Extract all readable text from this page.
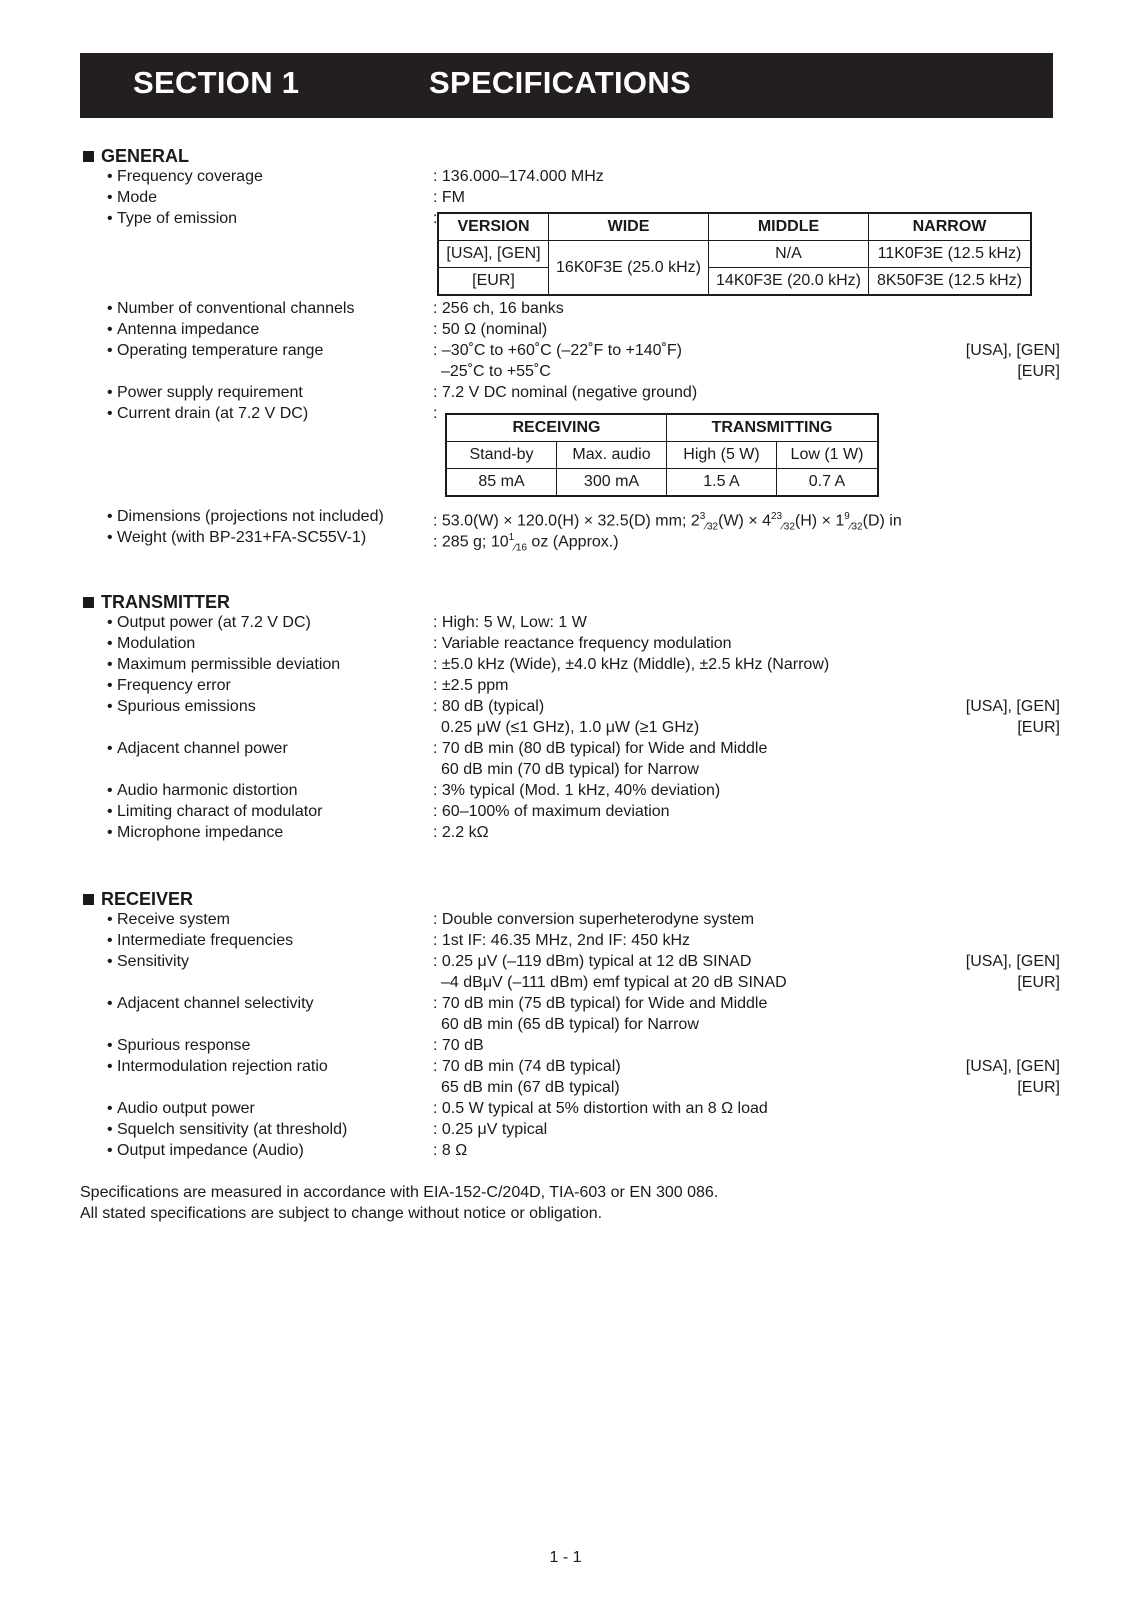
SECTION 1	SPECIFICATIONS
GENERAL
• Frequency coverage	: 136.000–174.000 MHz
• Mode	: FM
• Type of emission	: VERSION	WIDE	MIDDLE	NARROW
[USA], [GEN]	16K0F3E (25.0 kHz)	N/A	11K0F3E (12.5 kHz)
[EUR]		14K0F3E (20.0 kHz)	8K50F3E (12.5 kHz)
• Number of conventional channels	: 256 ch, 16 banks
• Antenna impedance	: 50 Ω (nominal)
• Operating temperature range	: –30˚C to +60˚C (–22˚F to +140˚F)	[USA], [GEN]
–25˚C to +55˚C	[EUR]
• Power supply requirement	: 7.2 V DC nominal (negative ground)
• Current drain (at 7.2 V DC)	:
RECEIVING		TRANSMITTING	
Stand-by	Max. audio	High (5 W)	Low (1 W)
85 mA	300 mA	1.5 A	0.7 A
• Dimensions (projections not included)	: 53.0(W) × 120.0(H) × 32.5(D) mm; $2^3_{⁄32}(W) \times 4^{23}_{⁄32}(H) \times 1^9_{⁄32}(D)$ in
• Weight (with BP-231+FA-SC55V-1)	: 285 g; $10^1_{⁄16}$ oz (Approx.)
TRANSMITTER
• Output power (at 7.2 V DC)	: High: 5 W, Low: 1 W
• Modulation	: Variable reactance frequency modulation
• Maximum permissible deviation	: ±5.0 kHz (Wide), ±4.0 kHz (Middle), ±2.5 kHz (Narrow)
• Frequency error	: ±2.5 ppm
• Spurious emissions	: 80 dB (typical)	[USA], [GEN]
0.25 μW (≤1 GHz), 1.0 μW (≥1 GHz)	[EUR]
• Adjacent channel power	: 70 dB min (80 dB typical) for Wide and Middle
60 dB min (70 dB typical) for Narrow
• Audio harmonic distortion	: 3% typical (Mod. 1 kHz, 40% deviation)
• Limiting charact of modulator	: 60–100% of maximum deviation
• Microphone impedance	: 2.2 kΩ
RECEIVER
• Receive system	: Double conversion superheterodyne system
• Intermediate frequencies	: 1st IF: 46.35 MHz, 2nd IF: 450 kHz
• Sensitivity	: 0.25 μV (–119 dBm) typical at 12 dB SINAD	[USA], [GEN]
–4 dBμV (–111 dBm) emf typical at 20 dB SINAD	[EUR]
• Adjacent channel selectivity	: 70 dB min (75 dB typical) for Wide and Middle
60 dB min (65 dB typical) for Narrow
• Spurious response	: 70 dB
• Intermodulation rejection ratio	: 70 dB min (74 dB typical)	[USA], [GEN]
65 dB min (67 dB typical)	[EUR]
• Audio output power	: 0.5 W typical at 5% distortion with an 8 Ω load
• Squelch sensitivity (at threshold)	: 0.25 μV typical
• Output impedance (Audio)	: 8 Ω
Specifications are measured in accordance with EIA-152-C/204D, TIA-603 or EN 300 086.
All stated specifications are subject to change without notice or obligation.
1 - 1
